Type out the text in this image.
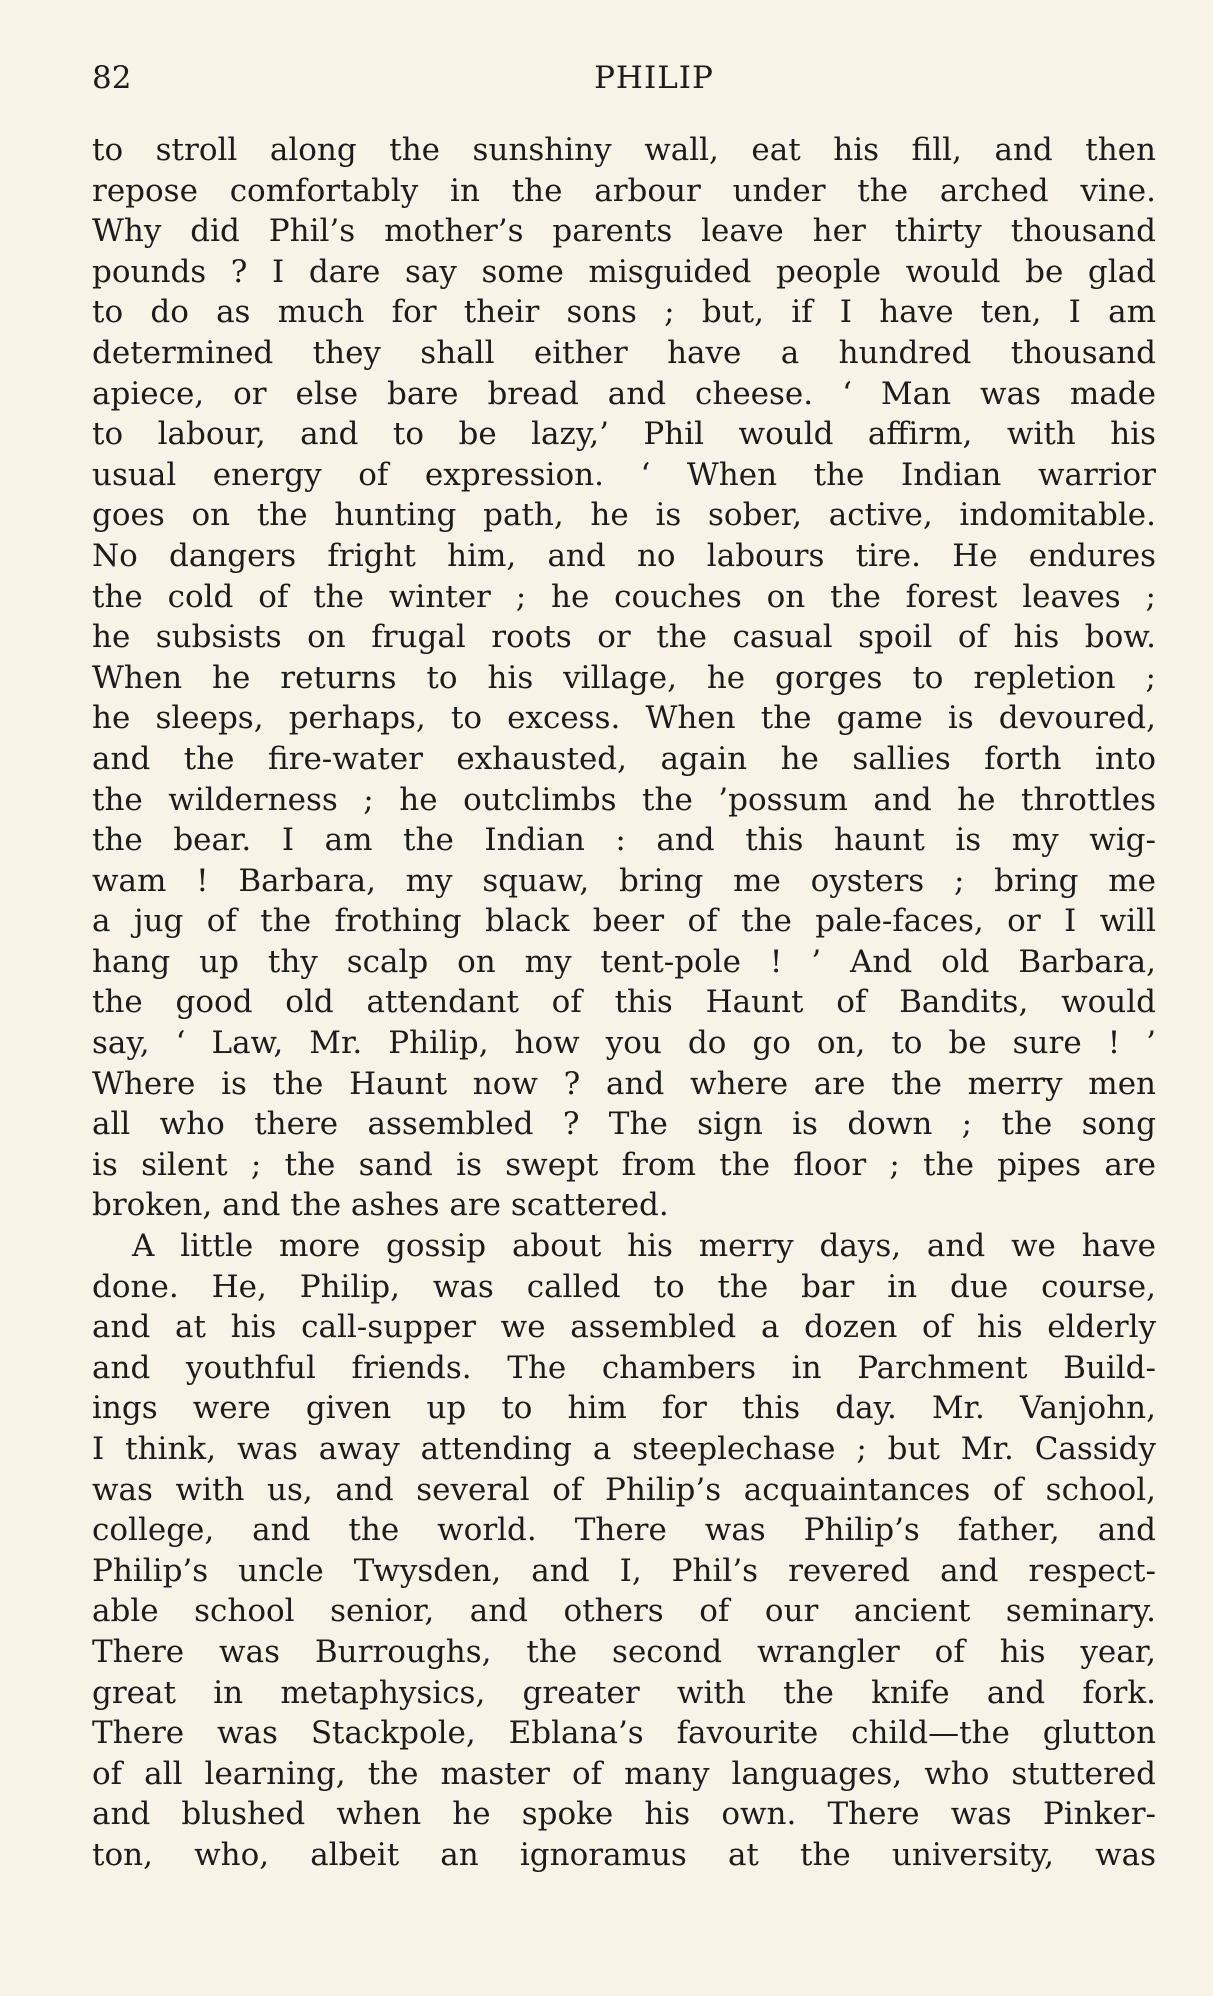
82	PHILIP
to stroll along the sunshiny wall, eat his fill, and then
repose comfortably in the arbour under the arched vine.
Why did Phil’s mother’s parents leave her thirty thousand
pounds ? I dare say some misguided people would be glad
to do as much for their sons ; but, if I have ten, I am
determined they shall either have a hundred thousand
apiece, or else bare bread and cheese. ‘ Man was made
to labour, and to be lazy,’ Phil would affirm, with his
usual energy of expression. ‘ When the Indian warrior
goes on the hunting path, he is sober, active, indomitable.
No dangers fright him, and no labours tire. He endures
the cold of the winter ; he couches on the forest leaves ;
he subsists on frugal roots or the casual spoil of his bow.
When he returns to his village, he gorges to repletion ;
he sleeps, perhaps, to excess. When the game is devoured,
and the fire-water exhausted, again he sallies forth into
the wilderness ; he outclimbs the ’possum and he throttles
the bear. I am the Indian : and this haunt is my wig-
wam ! Barbara, my squaw, bring me oysters ; bring me
a jug of the frothing black beer of the pale-faces, or I will
hang up thy scalp on my tent-pole ! ’ And old Barbara,
the good old attendant of this Haunt of Bandits, would
say, ‘ Law, Mr. Philip, how you do go on, to be sure ! ’
Where is the Haunt now ? and where are the merry men
all who there assembled ? The sign is down ; the song
is silent ; the sand is swept from the floor ; the pipes are
broken, and the ashes are scattered.
A little more gossip about his merry days, and we have
done. He, Philip, was called to the bar in due course,
and at his call-supper we assembled a dozen of his elderly
and youthful friends. The chambers in Parchment Build-
ings were given up to him for this day. Mr. Vanjohn,
I think, was away attending a steeplechase ; but Mr. Cassidy
was with us, and several of Philip’s acquaintances of school,
college, and the world. There was Philip’s father, and
Philip’s uncle Twysden, and I, Phil’s revered and respect-
able school senior, and others of our ancient seminary.
There was Burroughs, the second wrangler of his year,
great in metaphysics, greater with the knife and fork.
There was Stackpole, Eblana’s favourite child—the glutton
of all learning, the master of many languages, who stuttered
and blushed when he spoke his own. There was Pinker-
ton, who, albeit an ignoramus at the university, was
